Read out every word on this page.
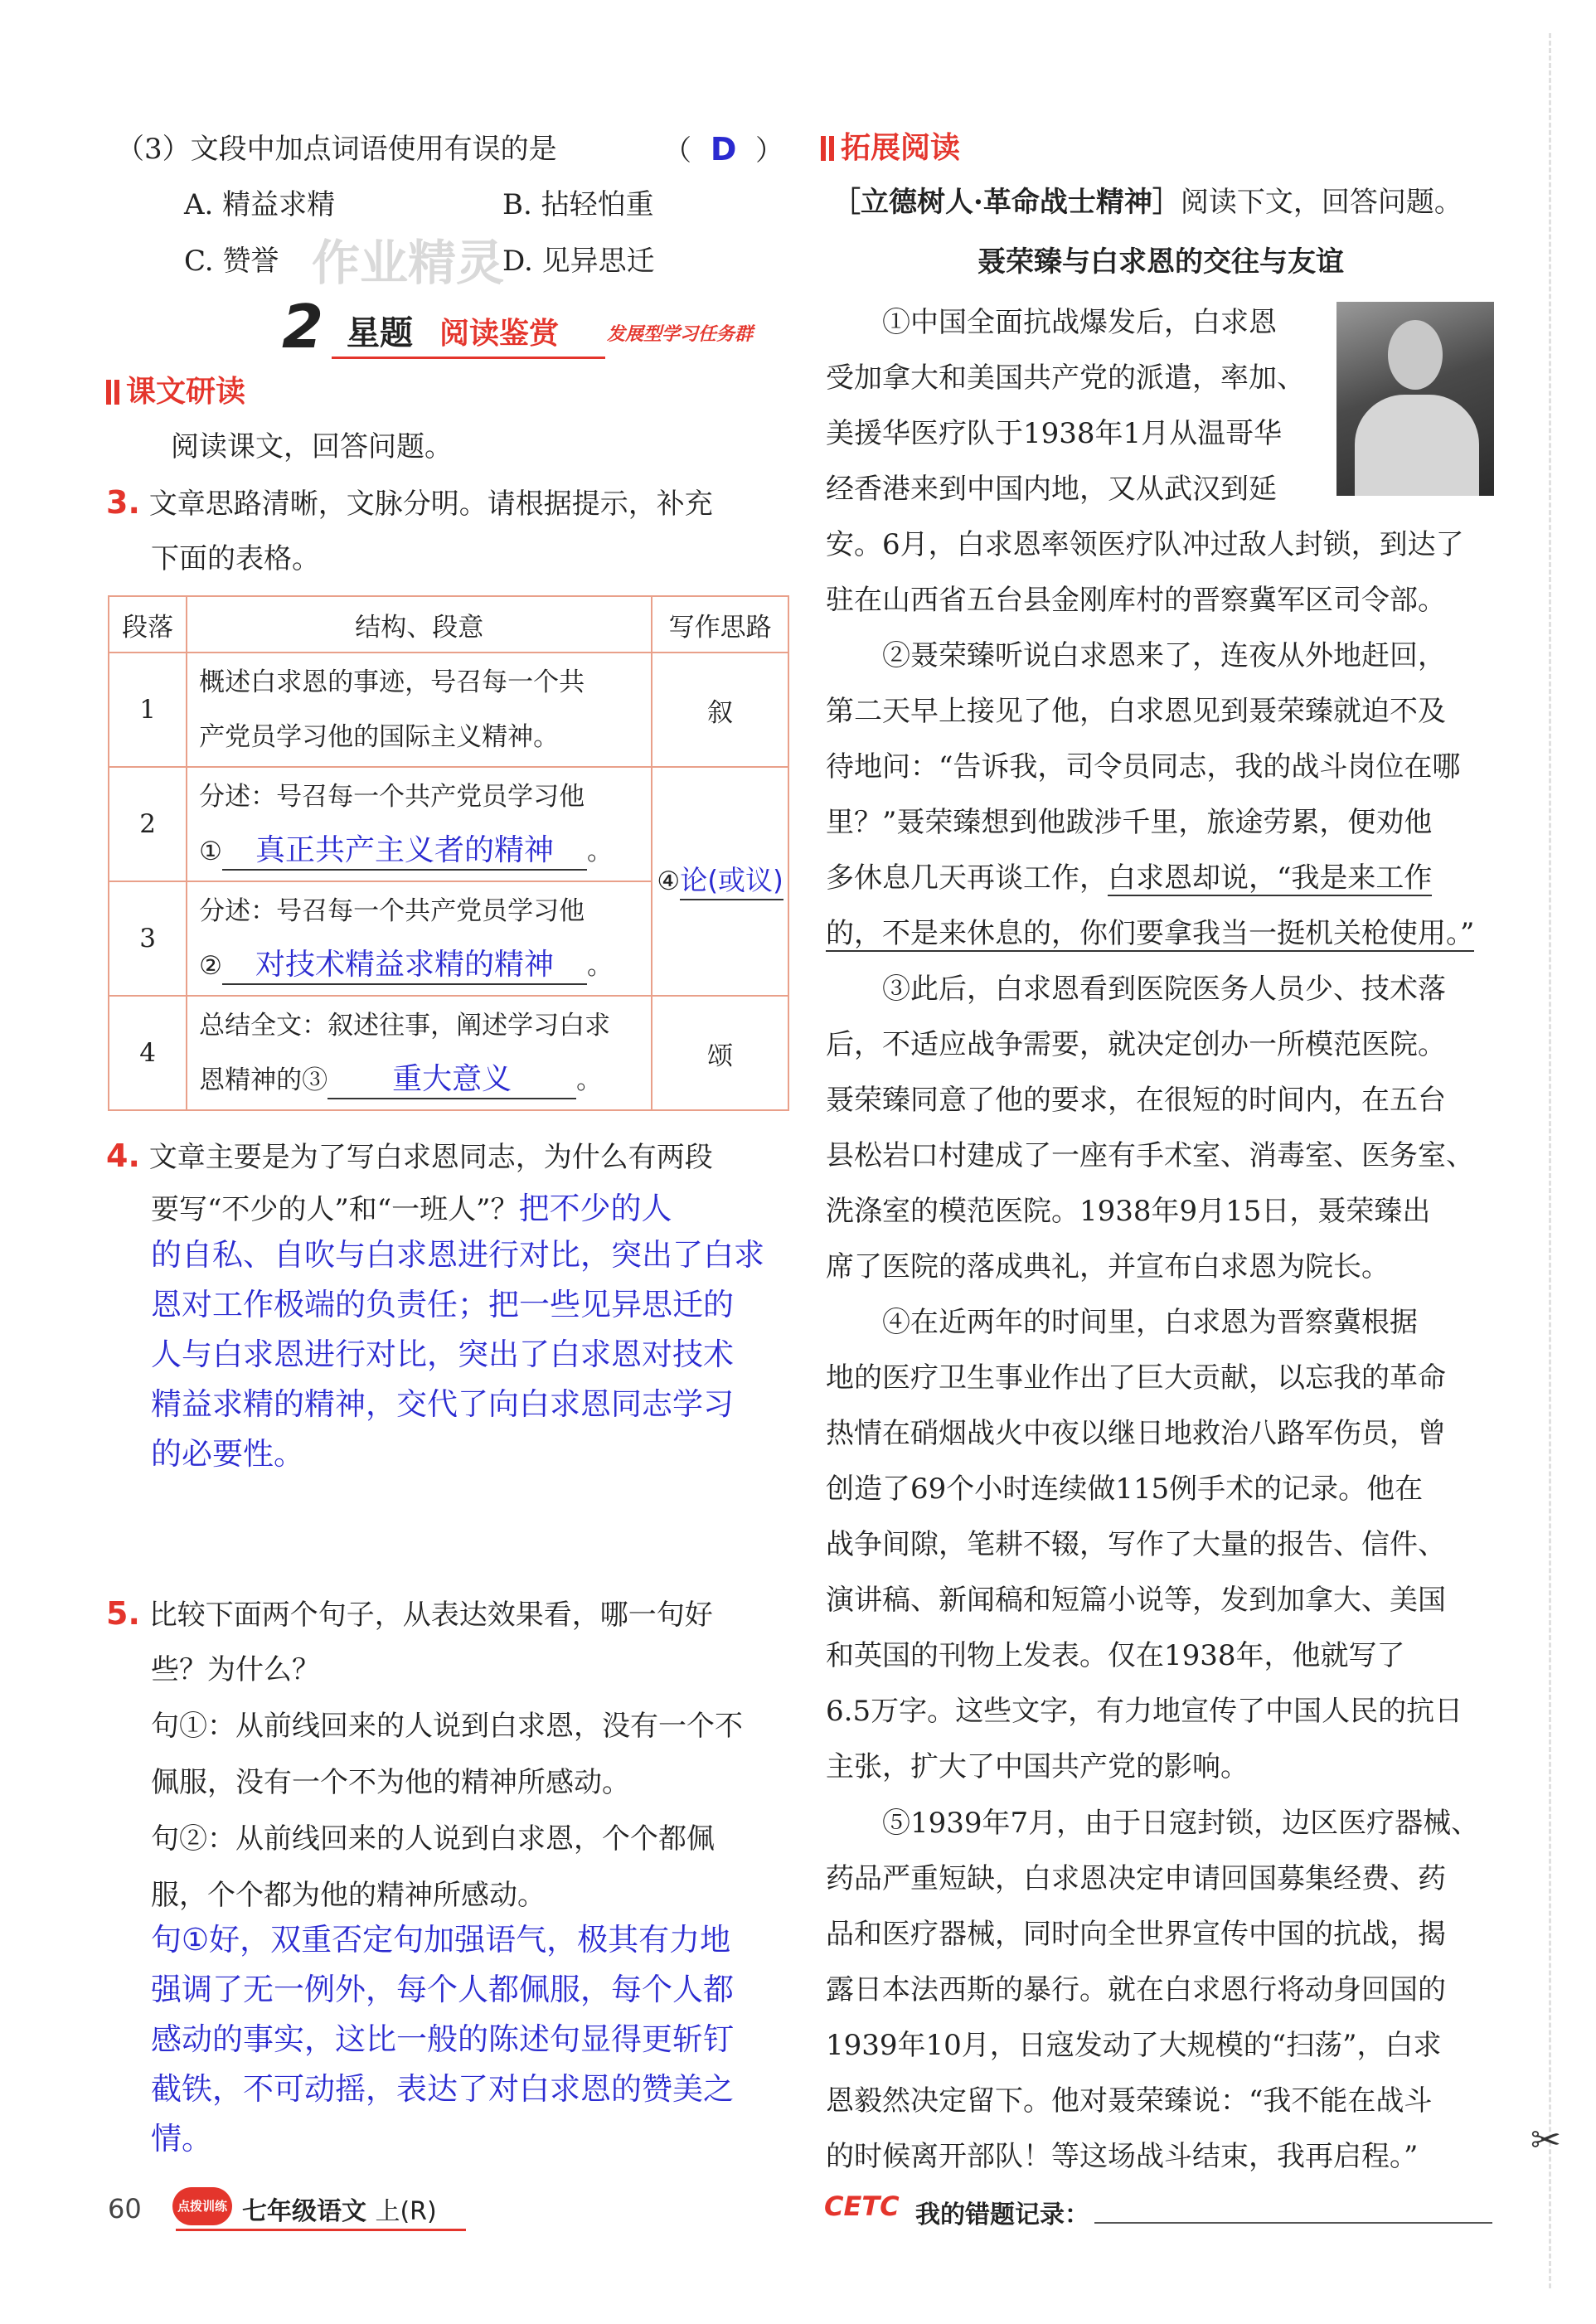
✂
（3）文段中加点词语使用有误的是	（ D ）
A. 精益求精	B. 拈轻怕重
C. 赞誉	D. 见异思迁
作业精灵
2 星题 阅读鉴赏	发展型学习任务群
课文研读
阅读课文，回答问题。
3. 文章思路清晰，文脉分明。请根据提示，补充
下面的表格。
段落	结构、段意	写作思路
1	概述白求恩的事迹，号召每一个共
产党员学习他的国际主义精神。	叙
2	分述：号召每一个共产党员学习他
① 真正共产主义者的精神 。	④论(或议)
3	分述：号召每一个共产党员学习他
② 对技术精益求精的精神 。	

4	总结全文：叙述往事，阐述学习白求
恩精神的③ 重大意义 。	颂
4. 文章主要是为了写白求恩同志，为什么有两段
要写“不少的人”和“一班人”？把不少的人
的自私、自吹与白求恩进行对比，突出了白求
恩对工作极端的负责任；把一些见异思迁的
人与白求恩进行对比，突出了白求恩对技术
精益求精的精神，交代了向白求恩同志学习
的必要性。
5. 比较下面两个句子，从表达效果看，哪一句好
些？为什么？
句①：从前线回来的人说到白求恩，没有一个不
佩服，没有一个不为他的精神所感动。
句②：从前线回来的人说到白求恩，个个都佩
服，个个都为他的精神所感动。
句①好，双重否定句加强语气，极其有力地
强调了无一例外，每个人都佩服，每个人都
感动的事实，这比一般的陈述句显得更斩钉
截铁，不可动摇，表达了对白求恩的赞美之
情。
60	点拨训练 七年级语文 上(R)
拓展阅读
［立德树人·革命战士精神］阅读下文，回答问题。
聂荣臻与白求恩的交往与友谊
①中国全面抗战爆发后，白求恩
受加拿大和美国共产党的派遣，率加、
美援华医疗队于1938年1月从温哥华
经香港来到中国内地，又从武汉到延
安。6月，白求恩率领医疗队冲过敌人封锁，到达了
驻在山西省五台县金刚库村的晋察冀军区司令部。
②聂荣臻听说白求恩来了，连夜从外地赶回，
第二天早上接见了他，白求恩见到聂荣臻就迫不及
待地问：“告诉我，司令员同志，我的战斗岗位在哪
里？”聂荣臻想到他跋涉千里，旅途劳累，便劝他
多休息几天再谈工作，白求恩却说，“我是来工作
的，不是来休息的，你们要拿我当一挺机关枪使用。”
③此后，白求恩看到医院医务人员少、技术落
后，不适应战争需要，就决定创办一所模范医院。
聂荣臻同意了他的要求，在很短的时间内，在五台
县松岩口村建成了一座有手术室、消毒室、医务室、
洗涤室的模范医院。1938年9月15日，聂荣臻出
席了医院的落成典礼，并宣布白求恩为院长。
④在近两年的时间里，白求恩为晋察冀根据
地的医疗卫生事业作出了巨大贡献，以忘我的革命
热情在硝烟战火中夜以继日地救治八路军伤员，曾
创造了69个小时连续做115例手术的记录。他在
战争间隙，笔耕不辍，写作了大量的报告、信件、
演讲稿、新闻稿和短篇小说等，发到加拿大、美国
和英国的刊物上发表。仅在1938年，他就写了
6.5万字。这些文字，有力地宣传了中国人民的抗日
主张，扩大了中国共产党的影响。
⑤1939年7月，由于日寇封锁，边区医疗器械、
药品严重短缺，白求恩决定申请回国募集经费、药
品和医疗器械，同时向全世界宣传中国的抗战，揭
露日本法西斯的暴行。就在白求恩行将动身回国的
1939年10月，日寇发动了大规模的“扫荡”，白求
恩毅然决定留下。他对聂荣臻说：“我不能在战斗
的时候离开部队！等这场战斗结束，我再启程。”
CETC 我的错题记录：
